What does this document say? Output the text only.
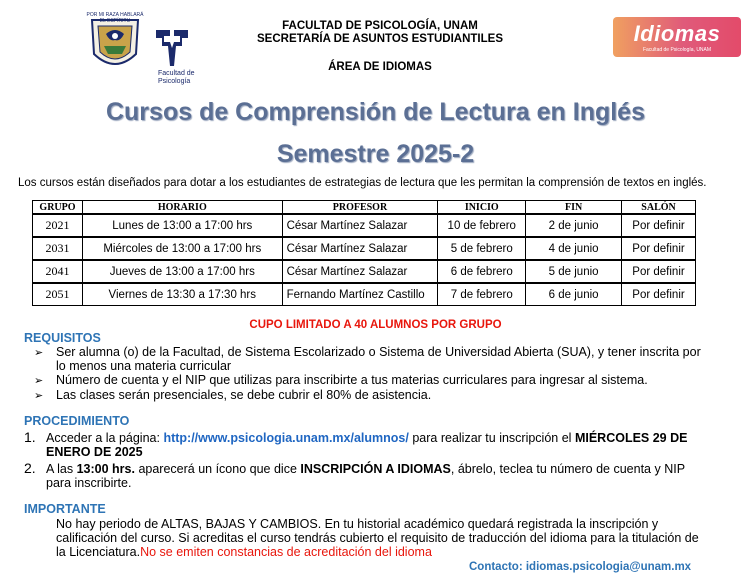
POR MI RAZA HABLARÁ EL ESPÍRITU
Facultad de Psicología
FACULTAD DE PSICOLOGÍA, UNAM
SECRETARÍA DE ASUNTOS ESTUDIANTILES
ÁREA DE IDIOMAS
Idiomas
Facultad de Psicología, UNAM
Cursos de Comprensión de Lectura en Inglés
Semestre 2025-2
Los cursos están diseñados para dotar a los estudiantes de estrategias de lectura que les permitan la comprensión de textos en inglés.
GRUPO	HORARIO	PROFESOR	INICIO	FIN	SALÓN
2021	Lunes de 13:00 a 17:00 hrs	César Martínez Salazar	10 de febrero	2 de junio	Por definir
2031	Miércoles de 13:00 a 17:00 hrs	César Martínez Salazar	5 de febrero	4 de junio	Por definir
2041	Jueves de 13:00 a 17:00 hrs	César Martínez Salazar	6 de febrero	5 de junio	Por definir
2051	Viernes de 13:30 a 17:30 hrs	Fernando Martínez Castillo	7 de febrero	6 de junio	Por definir
CUPO LIMITADO A 40 ALUMNOS POR GRUPO
REQUISITOS
➢ Ser alumna (o) de la Facultad, de Sistema Escolarizado o Sistema de Universidad Abierta (SUA), y tener inscrita por
lo menos una materia curricular
➢ Número de cuenta y el NIP que utilizas para inscribirte a tus materias curriculares para ingresar al sistema.
➢ Las clases serán presenciales, se debe cubrir el 80% de asistencia.
PROCEDIMIENTO
1. Acceder a la página: http://www.psicologia.unam.mx/alumnos/ para realizar tu inscripción el MIÉRCOLES 29 DE
ENERO DE 2025
2. A las 13:00 hrs. aparecerá un ícono que dice INSCRIPCIÓN A IDIOMAS, ábrelo, teclea tu número de cuenta y NIP
para inscribirte.
IMPORTANTE
No hay periodo de ALTAS, BAJAS Y CAMBIOS. En tu historial académico quedará registrada la inscripción y
calificación del curso. Si acreditas el curso tendrás cubierto el requisito de traducción del idioma para la titulación de
la Licenciatura.No se emiten constancias de acreditación del idioma
Contacto: idiomas.psicologia@unam.mx
